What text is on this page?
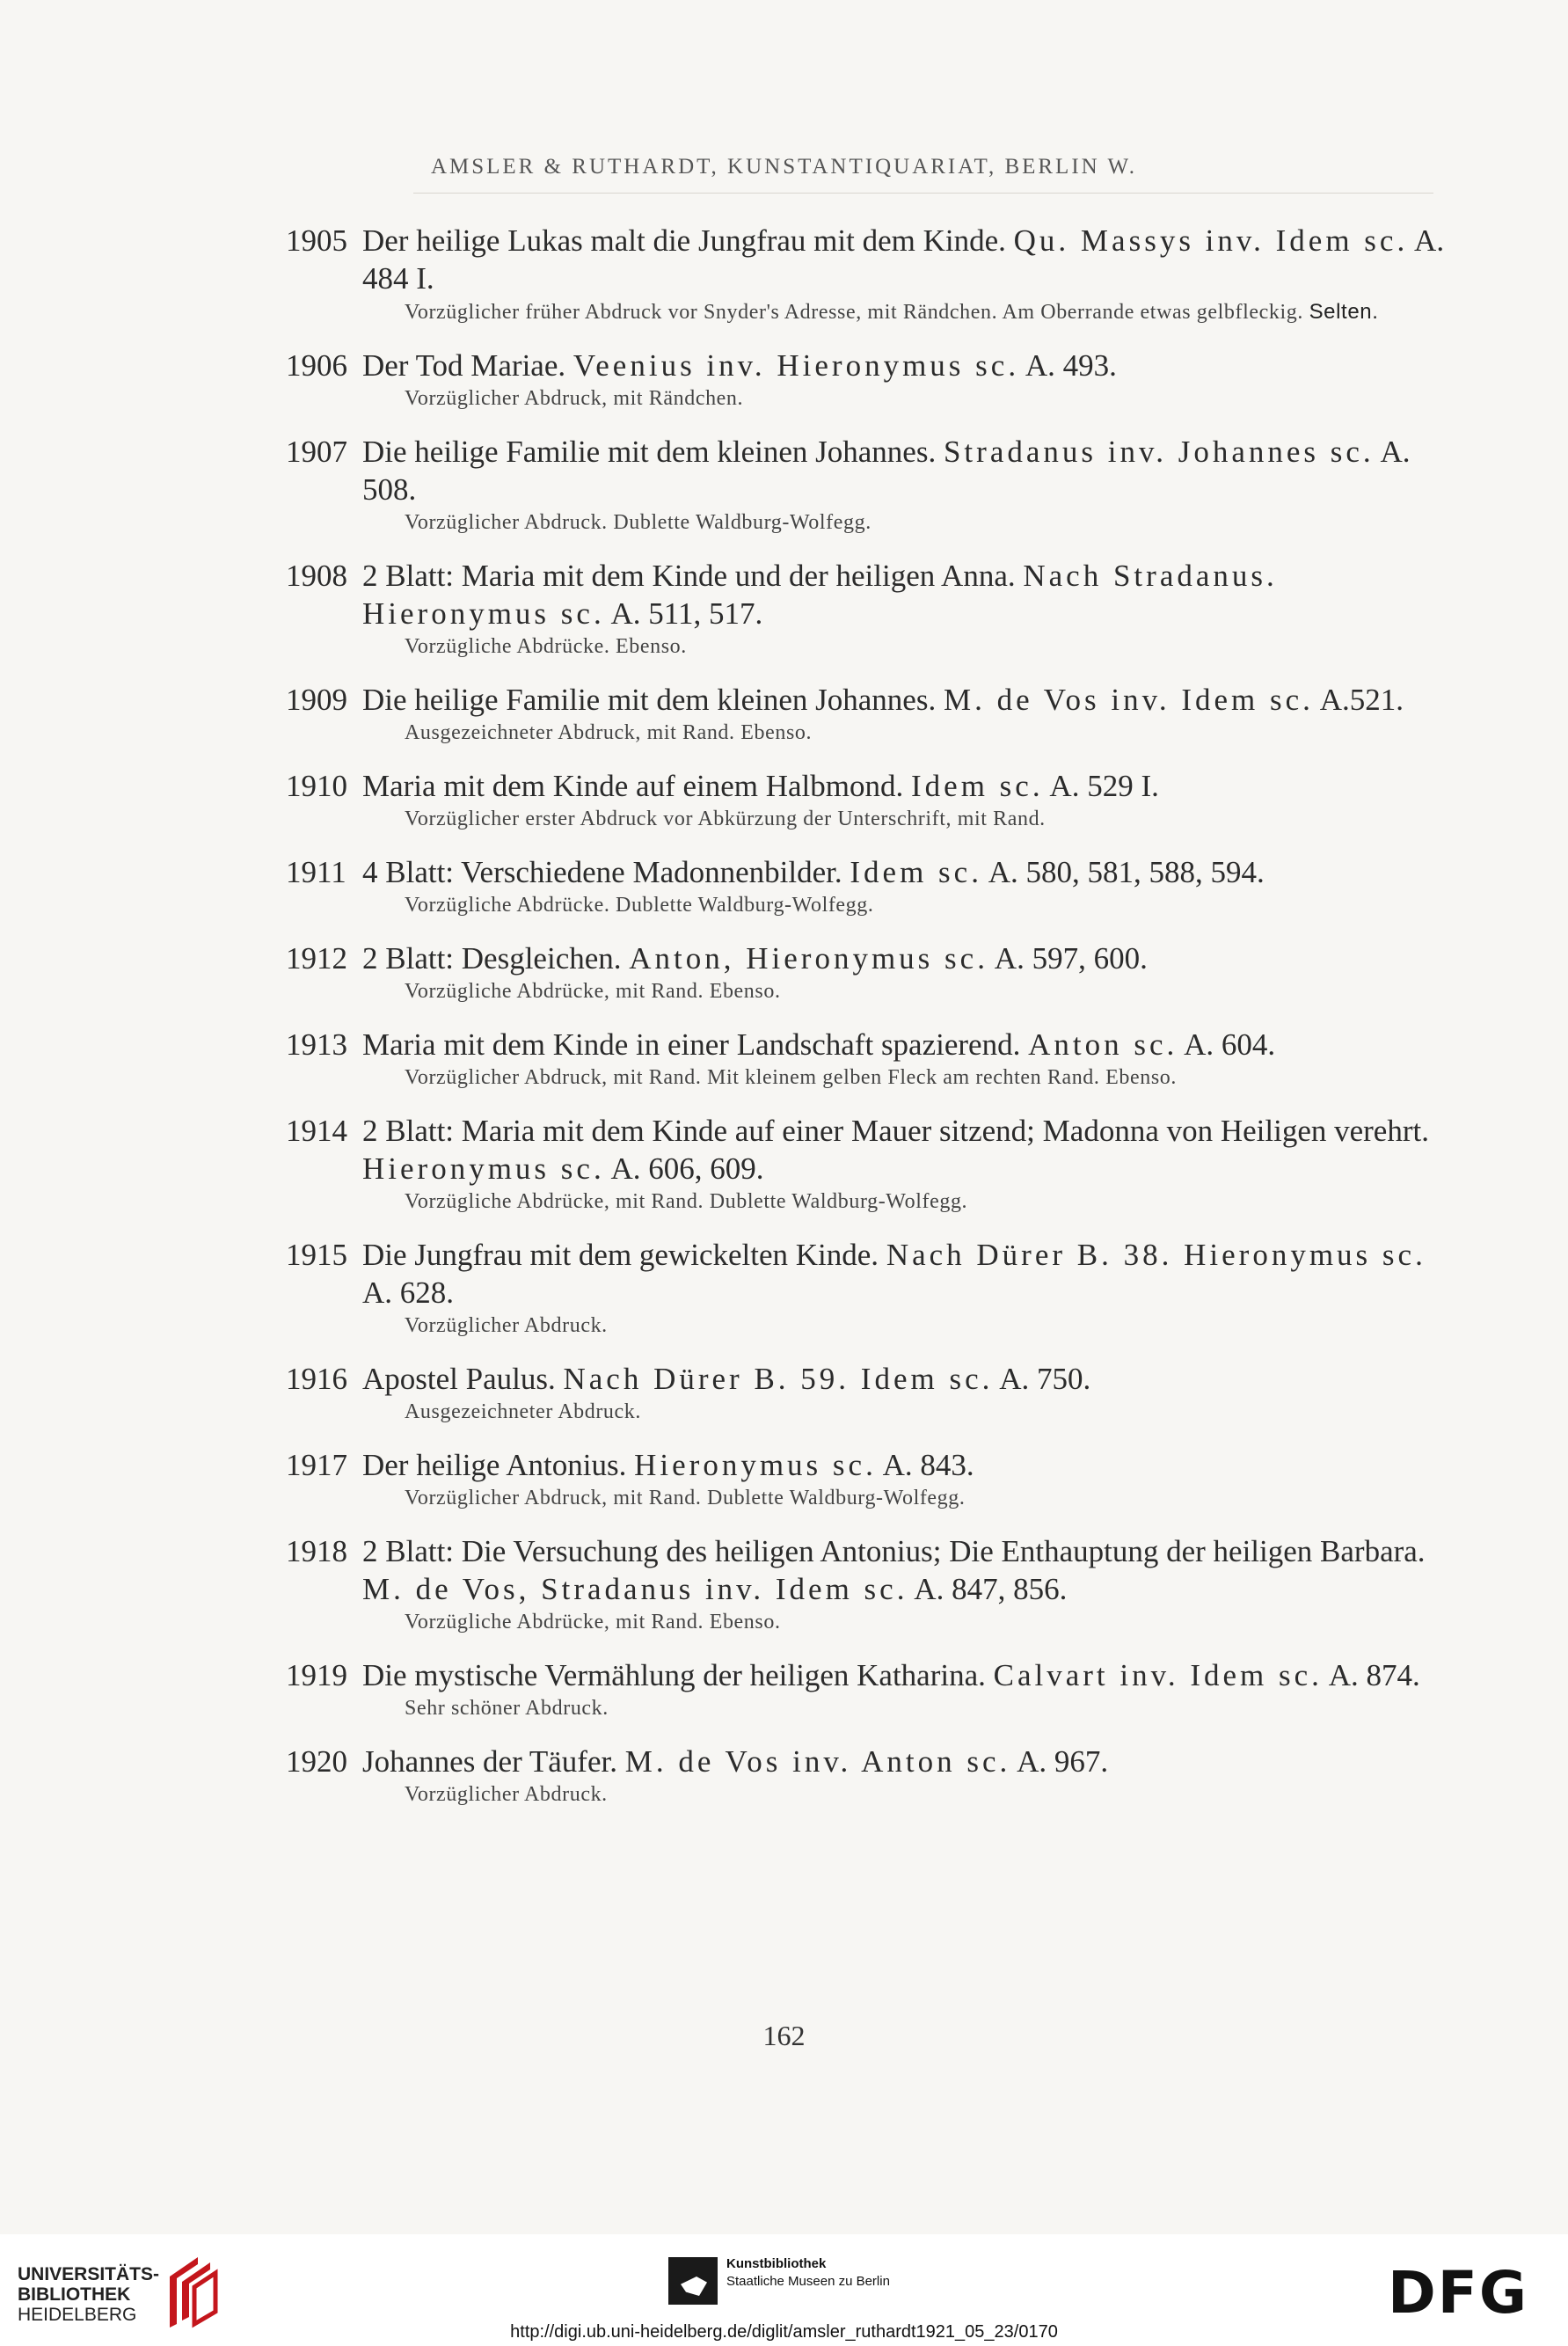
AMSLER & RUTHARDT, KUNSTANTIQUARIAT, BERLIN W.
1905 Der heilige Lukas malt die Jungfrau mit dem Kinde. Qu. Massys inv. Idem sc. A. 484 I.
Vorzüglicher früher Abdruck vor Snyder's Adresse, mit Rändchen. Am Oberrande etwas gelbfleckig. Selten.
1906 Der Tod Mariae. Veenius inv. Hieronymus sc. A. 493.
Vorzüglicher Abdruck, mit Rändchen.
1907 Die heilige Familie mit dem kleinen Johannes. Stradanus inv. Johannes sc. A. 508.
Vorzüglicher Abdruck. Dublette Waldburg-Wolfegg.
1908 2 Blatt: Maria mit dem Kinde und der heiligen Anna. Nach Stradanus. Hieronymus sc. A. 511, 517.
Vorzügliche Abdrücke. Ebenso.
1909 Die heilige Familie mit dem kleinen Johannes. M. de Vos inv. Idem sc. A.521.
Ausgezeichneter Abdruck, mit Rand. Ebenso.
1910 Maria mit dem Kinde auf einem Halbmond. Idem sc. A. 529 I.
Vorzüglicher erster Abdruck vor Abkürzung der Unterschrift, mit Rand.
1911 4 Blatt: Verschiedene Madonnenbilder. Idem sc. A. 580, 581, 588, 594.
Vorzügliche Abdrücke. Dublette Waldburg-Wolfegg.
1912 2 Blatt: Desgleichen. Anton, Hieronymus sc. A. 597, 600.
Vorzügliche Abdrücke, mit Rand. Ebenso.
1913 Maria mit dem Kinde in einer Landschaft spazierend. Anton sc. A. 604.
Vorzüglicher Abdruck, mit Rand. Mit kleinem gelben Fleck am rechten Rand. Ebenso.
1914 2 Blatt: Maria mit dem Kinde auf einer Mauer sitzend; Madonna von Heiligen verehrt. Hieronymus sc. A. 606, 609.
Vorzügliche Abdrücke, mit Rand. Dublette Waldburg-Wolfegg.
1915 Die Jungfrau mit dem gewickelten Kinde. Nach Dürer B. 38. Hieronymus sc. A. 628.
Vorzüglicher Abdruck.
1916 Apostel Paulus. Nach Dürer B. 59. Idem sc. A. 750.
Ausgezeichneter Abdruck.
1917 Der heilige Antonius. Hieronymus sc. A. 843.
Vorzüglicher Abdruck, mit Rand. Dublette Waldburg-Wolfegg.
1918 2 Blatt: Die Versuchung des heiligen Antonius; Die Enthauptung der heiligen Barbara. M. de Vos, Stradanus inv. Idem sc. A. 847, 856.
Vorzügliche Abdrücke, mit Rand. Ebenso.
1919 Die mystische Vermählung der heiligen Katharina. Calvart inv. Idem sc. A. 874.
Sehr schöner Abdruck.
1920 Johannes der Täufer. M. de Vos inv. Anton sc. A. 967.
Vorzüglicher Abdruck.
162
UNIVERSITÄTS-
BIBLIOTHEK
HEIDELBERG
Kunstbibliothek
Staatliche Museen zu Berlin	DFG
http://digi.ub.uni-heidelberg.de/diglit/amsler_ruthardt1921_05_23/0170
